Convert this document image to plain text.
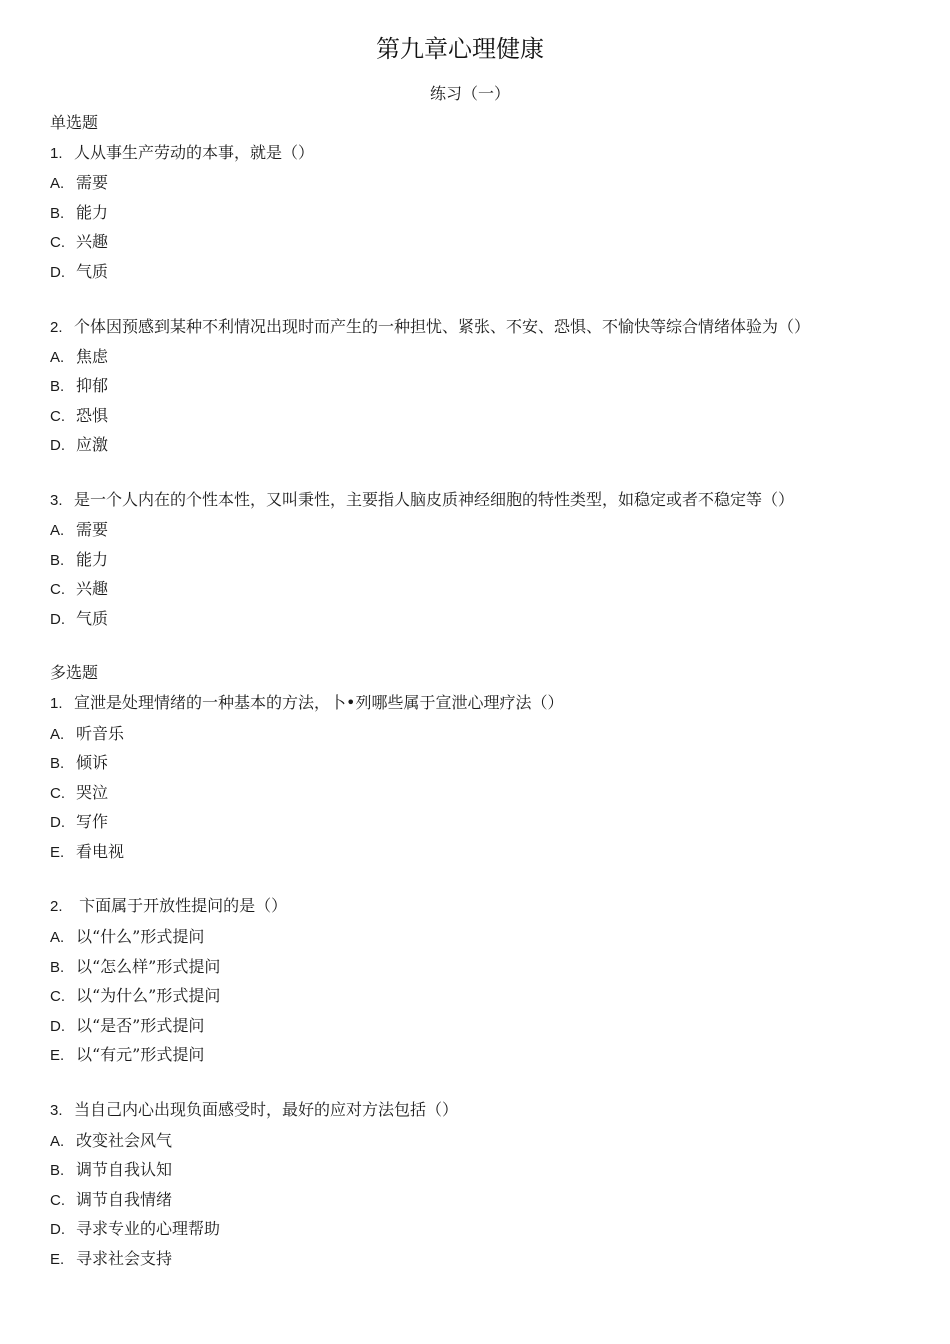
第九章心理健康
练习（一）
单选题
1. 人从事生产劳动的本事，就是（）
A. 需要
B. 能力
C. 兴趣
D. 气质
2. 个体因预感到某种不利情况出现时而产生的一种担忧、紧张、不安、恐惧、不愉快等综合情绪体验为（）
A. 焦虑
B. 抑郁
C. 恐惧
D. 应激
3. 是一个人内在的个性本性，又叫秉性，主要指人脑皮质神经细胞的特性类型，如稳定或者不稳定等（）
A. 需要
B. 能力
C. 兴趣
D. 气质
多选题
1. 宣泄是处理情绪的一种基本的方法，卜•列哪些属于宣泄心理疗法（）
A. 听音乐
B. 倾诉
C. 哭泣
D. 写作
E. 看电视
2. 卞面属于开放性提问的是（）
A. 以“什么”形式提问
B. 以“怎么样”形式提问
C. 以“为什么”形式提问
D. 以“是否”形式提问
E. 以“有元”形式提问
3. 当自己内心出现负面感受时，最好的应对方法包括（）
A. 改变社会风气
B. 调节自我认知
C. 调节自我情绪
D. 寻求专业的心理帮助
E. 寻求社会支持
